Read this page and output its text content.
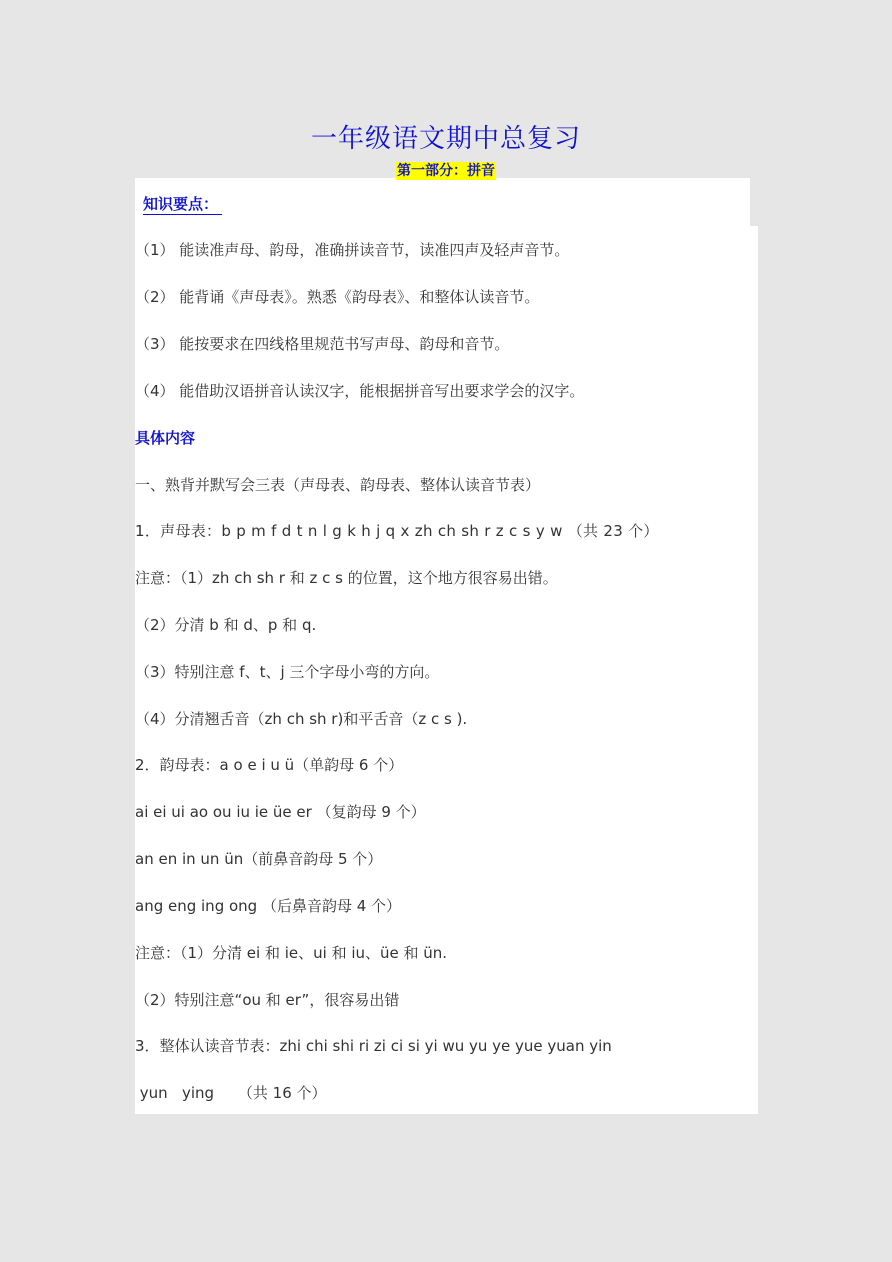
一年级语文期中总复习
第一部分：拼音
知识要点：
（1） 能读准声母、韵母，准确拼读音节，读准四声及轻声音节。
（2） 能背诵《声母表》。熟悉《韵母表》、和整体认读音节。
（3） 能按要求在四线格里规范书写声母、韵母和音节。
（4） 能借助汉语拼音认读汉字，能根据拼音写出要求学会的汉字。
具体内容
一、熟背并默写会三表（声母表、韵母表、整体认读音节表）
1．声母表：b p m f d t n l g k h j q x zh ch sh r z c s y w （共 23 个）
注意：（1）zh ch sh r 和 z c s 的位置，这个地方很容易出错。
（2）分清 b 和 d、p 和 q.
（3）特别注意 f、t、j 三个字母小弯的方向。
（4）分清翘舌音（zh ch sh r)和平舌音（z c s ).
2．韵母表：a o e i u ü（单韵母 6 个）
ai ei ui ao ou iu ie üe er （复韵母 9 个）
an en in un ün（前鼻音韵母 5 个）
ang eng ing ong （后鼻音韵母 4 个）
注意：（1）分清 ei 和 ie、ui 和 iu、üe 和 ün.
（2）特别注意“ou 和 er”，很容易出错
3．整体认读音节表：zhi chi shi ri zi ci si yi wu yu ye yue yuan yin
yun   ying     （共 16 个）
